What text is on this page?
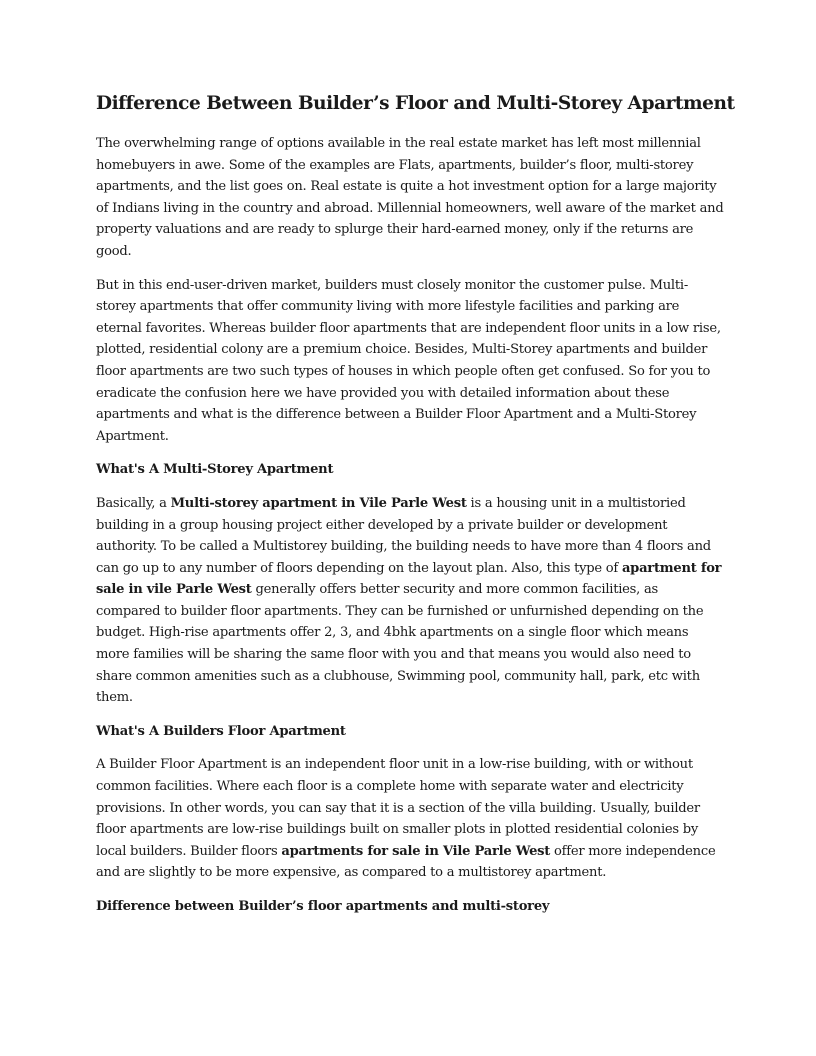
Difference Between Builder’s Floor and Multi-Storey Apartment

The overwhelming range of options available in the real estate market has left most millennial homebuyers in awe. Some of the examples are Flats, apartments, builder’s floor, multi-storey apartments, and the list goes on. Real estate is quite a hot investment option for a large majority of Indians living in the country and abroad. Millennial homeowners, well aware of the market and property valuations and are ready to splurge their hard-earned money, only if the returns are good.

But in this end-user-driven market, builders must closely monitor the customer pulse. Multi-storey apartments that offer community living with more lifestyle facilities and parking are eternal favorites. Whereas builder floor apartments that are independent floor units in a low rise, plotted, residential colony are a premium choice. Besides, Multi-Storey apartments and builder floor apartments are two such types of houses in which people often get confused. So for you to eradicate the confusion here we have provided you with detailed information about these apartments and what is the difference between a Builder Floor Apartment and a Multi-Storey Apartment.

What's A Multi-Storey Apartment

Basically, a Multi-storey apartment in Vile Parle West is a housing unit in a multistoried building in a group housing project either developed by a private builder or development authority. To be called a Multistorey building, the building needs to have more than 4 floors and can go up to any number of floors depending on the layout plan. Also, this type of apartment for sale in vile Parle West generally offers better security and more common facilities, as compared to builder floor apartments. They can be furnished or unfurnished depending on the budget. High-rise apartments offer 2, 3, and 4bhk apartments on a single floor which means more families will be sharing the same floor with you and that means you would also need to share common amenities such as a clubhouse, Swimming pool, community hall, park, etc with them.

What's A Builders Floor Apartment

A Builder Floor Apartment is an independent floor unit in a low-rise building, with or without common facilities. Where each floor is a complete home with separate water and electricity provisions. In other words, you can say that it is a section of the villa building. Usually, builder floor apartments are low-rise buildings built on smaller plots in plotted residential colonies by local builders. Builder floors apartments for sale in Vile Parle West offer more independence and are slightly to be more expensive, as compared to a multistorey apartment.

Difference between Builder’s floor apartments and multi-storey
